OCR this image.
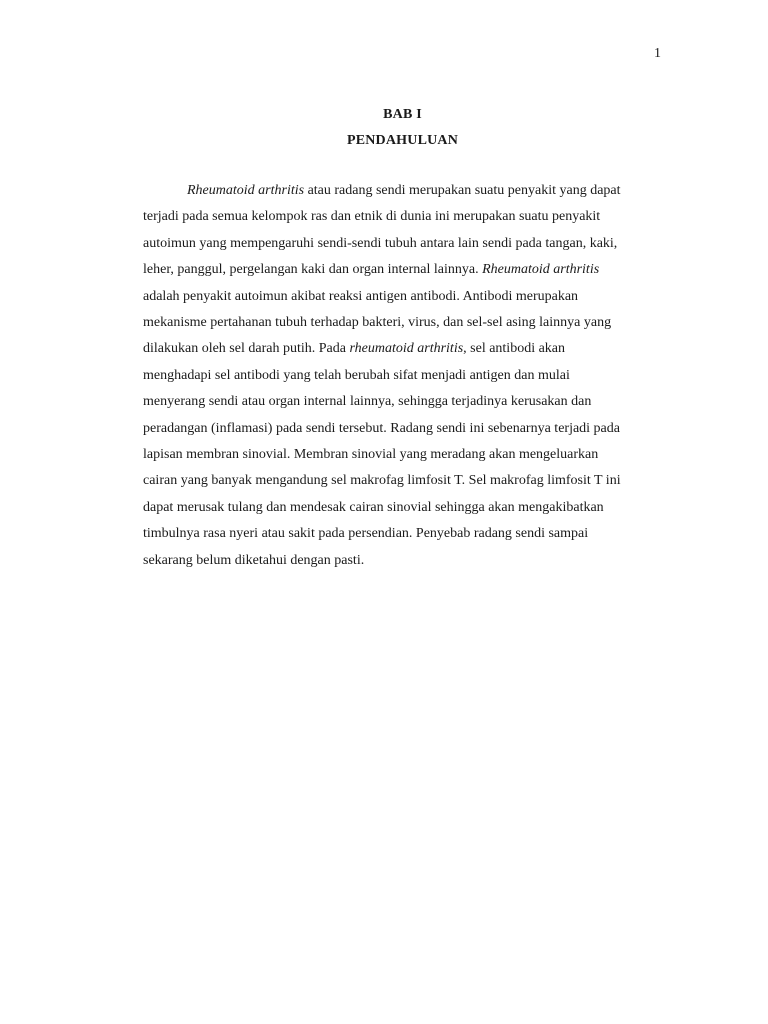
1
BAB I
PENDAHULUAN

Rheumatoid arthritis atau radang sendi merupakan suatu penyakit yang dapat
terjadi pada semua kelompok ras dan etnik di dunia ini merupakan suatu penyakit
autoimun yang mempengaruhi sendi-sendi tubuh antara lain sendi pada tangan, kaki,
leher, panggul, pergelangan kaki dan organ internal lainnya. Rheumatoid arthritis
adalah penyakit autoimun akibat reaksi antigen antibodi. Antibodi merupakan
mekanisme pertahanan tubuh terhadap bakteri, virus, dan sel-sel asing lainnya yang
dilakukan oleh sel darah putih. Pada rheumatoid arthritis, sel antibodi akan
menghadapi sel antibodi yang telah berubah sifat menjadi antigen dan mulai
menyerang sendi atau organ internal lainnya, sehingga terjadinya kerusakan dan
peradangan (inflamasi) pada sendi tersebut. Radang sendi ini sebenarnya terjadi pada
lapisan membran sinovial. Membran sinovial yang meradang akan mengeluarkan
cairan yang banyak mengandung sel makrofag limfosit T. Sel makrofag limfosit T ini
dapat merusak tulang dan mendesak cairan sinovial sehingga akan mengakibatkan
timbulnya rasa nyeri atau sakit pada persendian. Penyebab radang sendi sampai
sekarang belum diketahui dengan pasti.
